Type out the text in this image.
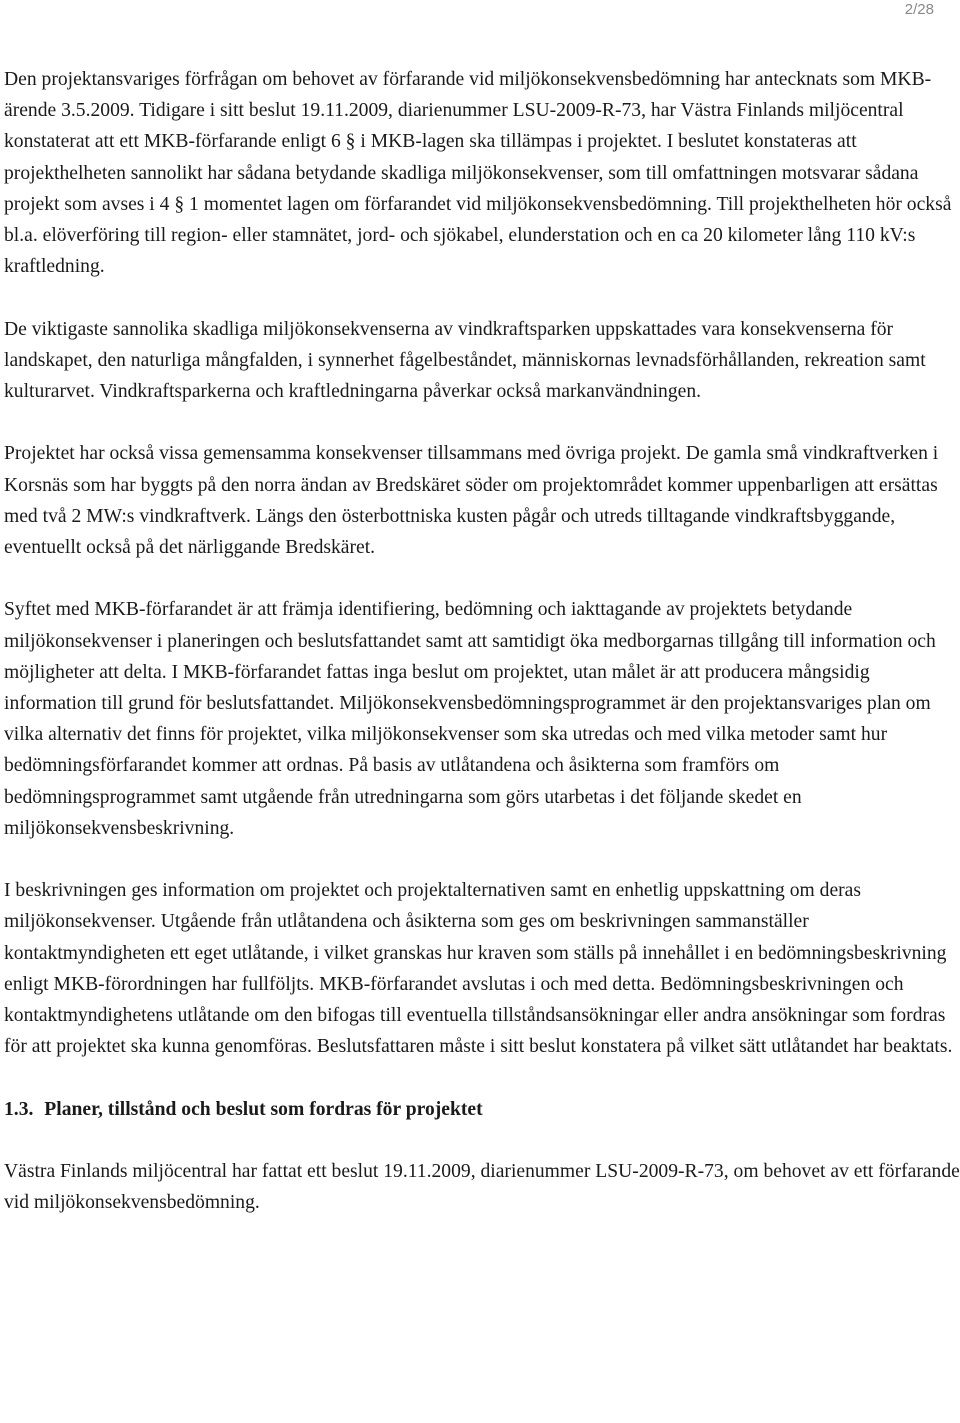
2/28

Den projektansvariges förfrågan om behovet av förfarande vid miljökonsekvensbedömning har antecknats som MKB-ärende 3.5.2009. Tidigare i sitt beslut 19.11.2009, diarienummer LSU-2009-R-73, har Västra Finlands miljöcentral konstaterat att ett MKB-förfarande enligt 6 § i MKB-lagen ska tillämpas i projektet. I beslutet konstateras att projekthelheten sannolikt har sådana betydande skadliga miljökonsekvenser, som till omfattningen motsvarar sådana projekt som avses i 4 § 1 momentet lagen om förfarandet vid miljökonsekvensbedömning. Till projekthelheten hör också bl.a. elöverföring till region- eller stamnätet, jord- och sjökabel, elunderstation och en ca 20 kilometer lång 110 kV:s kraftledning.

De viktigaste sannolika skadliga miljökonsekvenserna av vindkraftsparken uppskattades vara konsekvenserna för landskapet, den naturliga mångfalden, i synnerhet fågelbeståndet, människornas levnadsförhållanden, rekreation samt kulturarvet. Vindkraftsparkerna och kraftledningarna påverkar också markanvändningen.

Projektet har också vissa gemensamma konsekvenser tillsammans med övriga projekt. De gamla små vindkraftverken i Korsnäs som har byggts på den norra ändan av Bredskäret söder om projektområdet kommer uppenbarligen att ersättas med två 2 MW:s vindkraftverk. Längs den österbottniska kusten pågår och utreds tilltagande vindkraftsbyggande, eventuellt också på det närliggande Bredskäret.

Syftet med MKB-förfarandet är att främja identifiering, bedömning och iakttagande av projektets betydande miljökonsekvenser i planeringen och beslutsfattandet samt att samtidigt öka medborgarnas tillgång till information och möjligheter att delta. I MKB-förfarandet fattas inga beslut om projektet, utan målet är att producera mångsidig information till grund för beslutsfattandet. Miljökonsekvensbedömningsprogrammet är den projektansvariges plan om vilka alternativ det finns för projektet, vilka miljökonsekvenser som ska utredas och med vilka metoder samt hur bedömningsförfarandet kommer att ordnas. På basis av utlåtandena och åsikterna som framförs om bedömningsprogrammet samt utgående från utredningarna som görs utarbetas i det följande skedet en miljökonsekvensbeskrivning.

I beskrivningen ges information om projektet och projektalternativen samt en enhetlig uppskattning om deras miljökonsekvenser. Utgående från utlåtandena och åsikterna som ges om beskrivningen sammanställer kontaktmyndigheten ett eget utlåtande, i vilket granskas hur kraven som ställs på innehållet i en bedömningsbeskrivning enligt MKB-förordningen har fullföljts. MKB-förfarandet avslutas i och med detta. Bedömningsbeskrivningen och kontaktmyndighetens utlåtande om den bifogas till eventuella tillståndsansökningar eller andra ansökningar som fordras för att projektet ska kunna genomföras. Beslutsfattaren måste i sitt beslut konstatera på vilket sätt utlåtandet har beaktats.

1.3. Planer, tillstånd och beslut som fordras för projektet

Västra Finlands miljöcentral har fattat ett beslut 19.11.2009, diarienummer LSU-2009-R-73, om behovet av ett förfarande vid miljökonsekvensbedömning.
